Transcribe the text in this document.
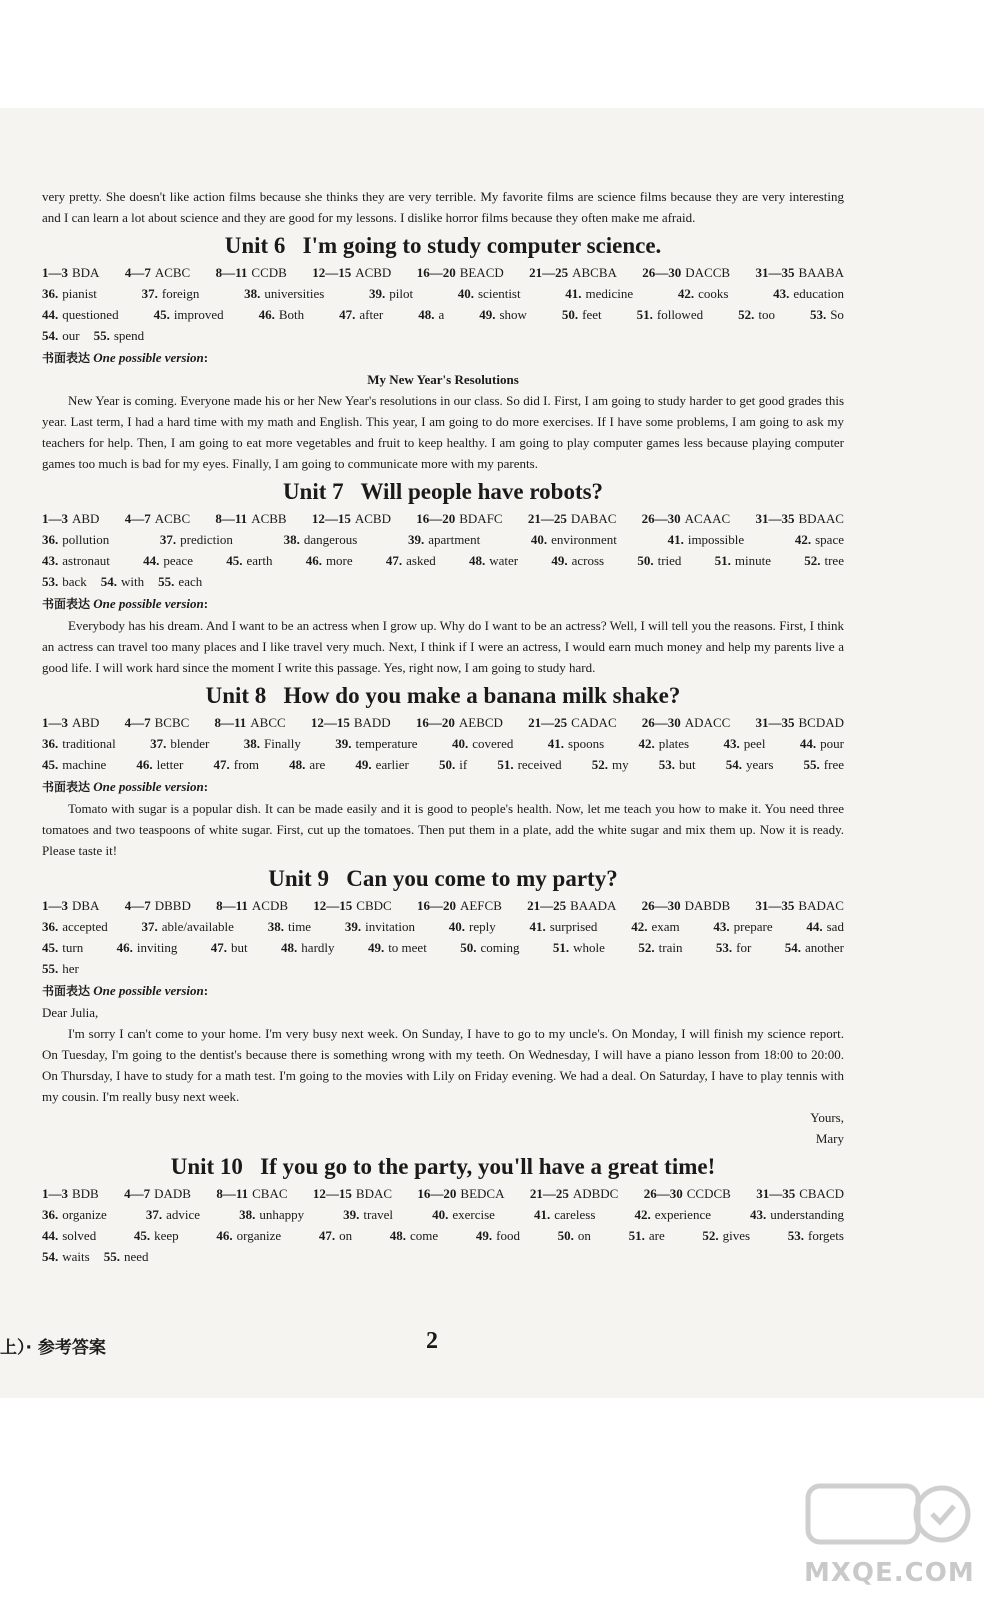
very pretty. She doesn't like action films because she thinks they are very terrible. My favorite films are science films because they are very interesting and I can learn a lot about science and they are good for my lessons. I dislike horror films because they often make me afraid.

Unit 6   I'm going to study computer science.
1—3 BDA 4—7 ACBC 8—11 CCDB 12—15 ACBD 16—20 BEACD 21—25 ABCBA 26—30 DACCB 31—35 BAABA
36. pianist	37. foreign	38. universities	39. pilot	40. scientist	41. medicine	42. cooks	43. education
44. questioned	45. improved	46. Both	47. after	48. a	49. show	50. feet	51. followed	52. too	53. So
54. our 55. spend
书面表达 One possible version:
My New Year's Resolutions

New Year is coming. Everyone made his or her New Year's resolutions in our class. So did I. First, I am going to study harder to get good grades this year. Last term, I had a hard time with my math and English. This year, I am going to do more exercises. If I have some problems, I am going to ask my teachers for help. Then, I am going to eat more vegetables and fruit to keep healthy. I am going to play computer games less because playing computer games too much is bad for my eyes. Finally, I am going to communicate more with my parents.

Unit 7   Will people have robots?
1—3 ABD 4—7 ACBC 8—11 ACBB 12—15 ACBD 16—20 BDAFC 21—25 DABAC 26—30 ACAAC 31—35 BDAAC
36. pollution	37. prediction	38. dangerous	39. apartment	40. environment	41. impossible	42. space
43. astronaut	44. peace	45. earth	46. more	47. asked	48. water	49. across	50. tried	51. minute	52. tree
53. back 54. with 55. each
书面表达 One possible version:

Everybody has his dream. And I want to be an actress when I grow up. Why do I want to be an actress? Well, I will tell you the reasons. First, I think an actress can travel too many places and I like travel very much. Next, I think if I were an actress, I would earn much money and help my parents live a good life. I will work hard since the moment I write this passage. Yes, right now, I am going to study hard.

Unit 8   How do you make a banana milk shake?
1—3 ABD 4—7 BCBC 8—11 ABCC 12—15 BADD 16—20 AEBCD 21—25 CADAC 26—30 ADACC 31—35 BCDAD
36. traditional	37. blender	38. Finally	39. temperature	40. covered	41. spoons	42. plates	43. peel	44. pour
45. machine 46. letter 47. from 48. are 49. earlier 50. if 51. received 52. my 53. but 54. years 55. free
书面表达 One possible version:

Tomato with sugar is a popular dish. It can be made easily and it is good to people's health. Now, let me teach you how to make it. You need three tomatoes and two teaspoons of white sugar. First, cut up the tomatoes. Then put them in a plate, add the white sugar and mix them up. Now it is ready. Please taste it!

Unit 9   Can you come to my party?
1—3 DBA 4—7 DBBD 8—11 ACDB 12—15 CBDC 16—20 AEFCB 21—25 BAADA 26—30 DABDB 31—35 BADAC
36. accepted	37. able/available	38. time	39. invitation	40. reply	41. surprised	42. exam	43. prepare	44. sad
45. turn	46. inviting	47. but	48. hardly	49. to meet	50. coming	51. whole	52. train	53. for	54. another
55. her
书面表达 One possible version:

Dear Julia,

I'm sorry I can't come to your home. I'm very busy next week. On Sunday, I have to go to my uncle's. On Monday, I will finish my science report. On Tuesday, I'm going to the dentist's because there is something wrong with my teeth. On Wednesday, I will have a piano lesson from 18:00 to 20:00. On Thursday, I have to study for a math test. I'm going to the movies with Lily on Friday evening. We had a deal. On Saturday, I have to play tennis with my cousin. I'm really busy next week.

Yours,

Mary

Unit 10   If you go to the party, you'll have a great time!
1—3 BDB 4—7 DADB 8—11 CBAC 12—15 BDAC 16—20 BEDCA 21—25 ADBDC 26—30 CCDCB 31—35 CBACD
36. organize	37. advice	38. unhappy	39. travel	40. exercise	41. careless	42. experience	43. understanding
44. solved	45. keep	46. organize	47. on	48. come	49. food	50. on	51. are	52. gives	53. forgets
54. waits 55. need
上）· 参考答案	2
MXQE.COM
